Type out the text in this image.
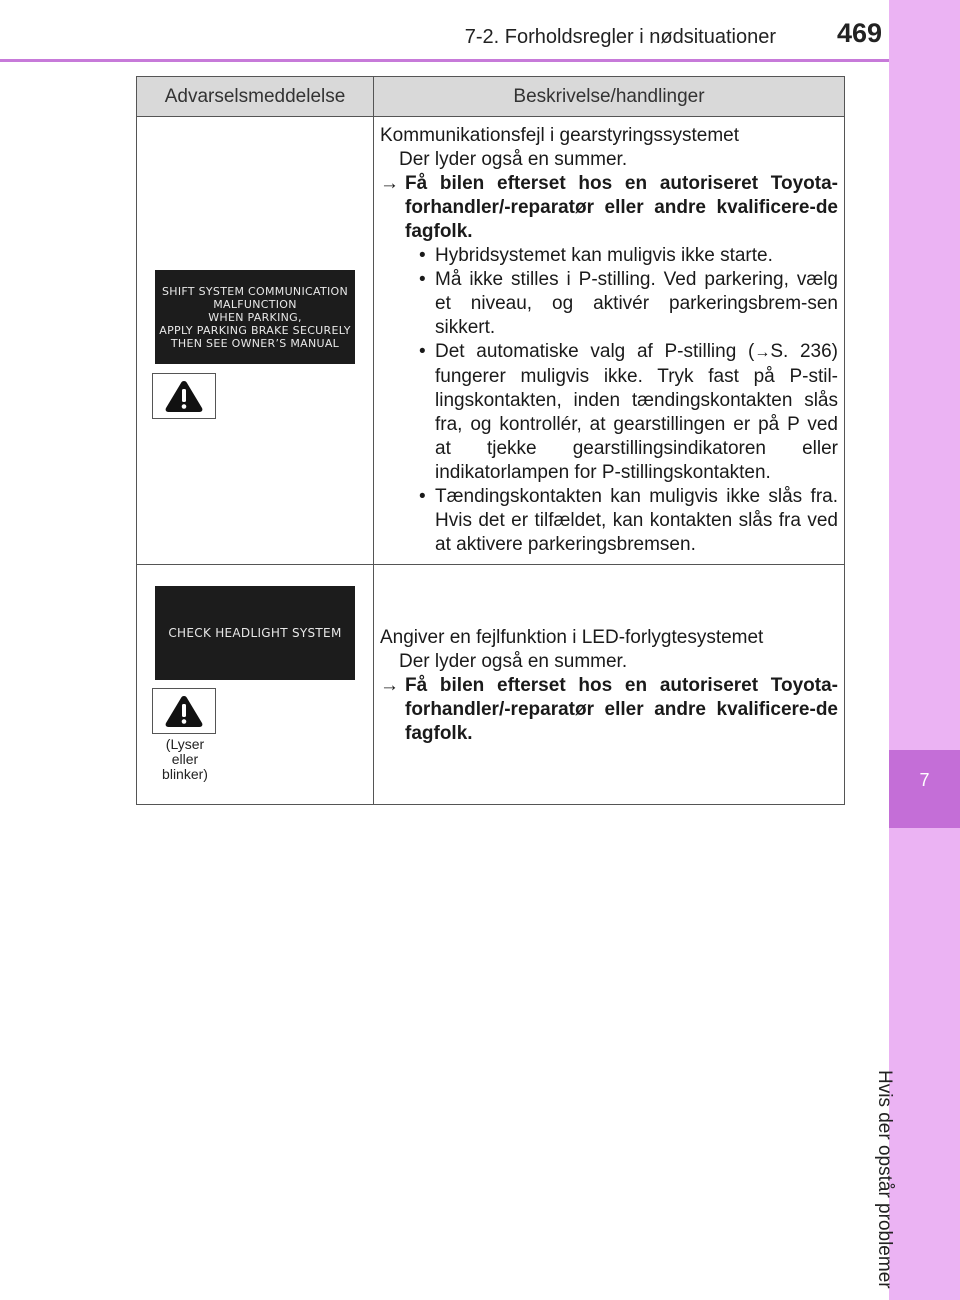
7-2. Forholdsregler i nødsituationer	469
7
Hvis der opstår problemer
Advarselsmeddelelse	Beskrivelse/handlinger
SHIFT SYSTEM COMMUNICATION
MALFUNCTION
WHEN PARKING,
APPLY PARKING BRAKE SECURELY
THEN SEE OWNER’S MANUAL
Kommunikationsfejl i gearstyringssystemet
Der lyder også en summer.
→ Få bilen efterset hos en autoriseret Toyota-forhandler/-reparatør eller andre kvalificere-de fagfolk.
• Hybridsystemet kan muligvis ikke starte.
• Må ikke stilles i P-stilling. Ved parkering, vælg et niveau, og aktivér parkeringsbrem-sen sikkert.
• Det automatiske valg af P-stilling (→S. 236) fungerer muligvis ikke. Tryk fast på P-stil-lingskontakten, inden tændingskontakten slås fra, og kontrollér, at gearstillingen er på P ved at tjekke gearstillingsindikatoren eller indikatorlampen for P-stillingskontakten.
• Tændingskontakten kan muligvis ikke slås fra. Hvis det er tilfældet, kan kontakten slås fra ved at aktivere parkeringsbremsen.
CHECK HEADLIGHT SYSTEM
(Lyser
eller
blinker)
Angiver en fejlfunktion i LED-forlygtesystemet
Der lyder også en summer.
→ Få bilen efterset hos en autoriseret Toyota-forhandler/-reparatør eller andre kvalificere-de fagfolk.
